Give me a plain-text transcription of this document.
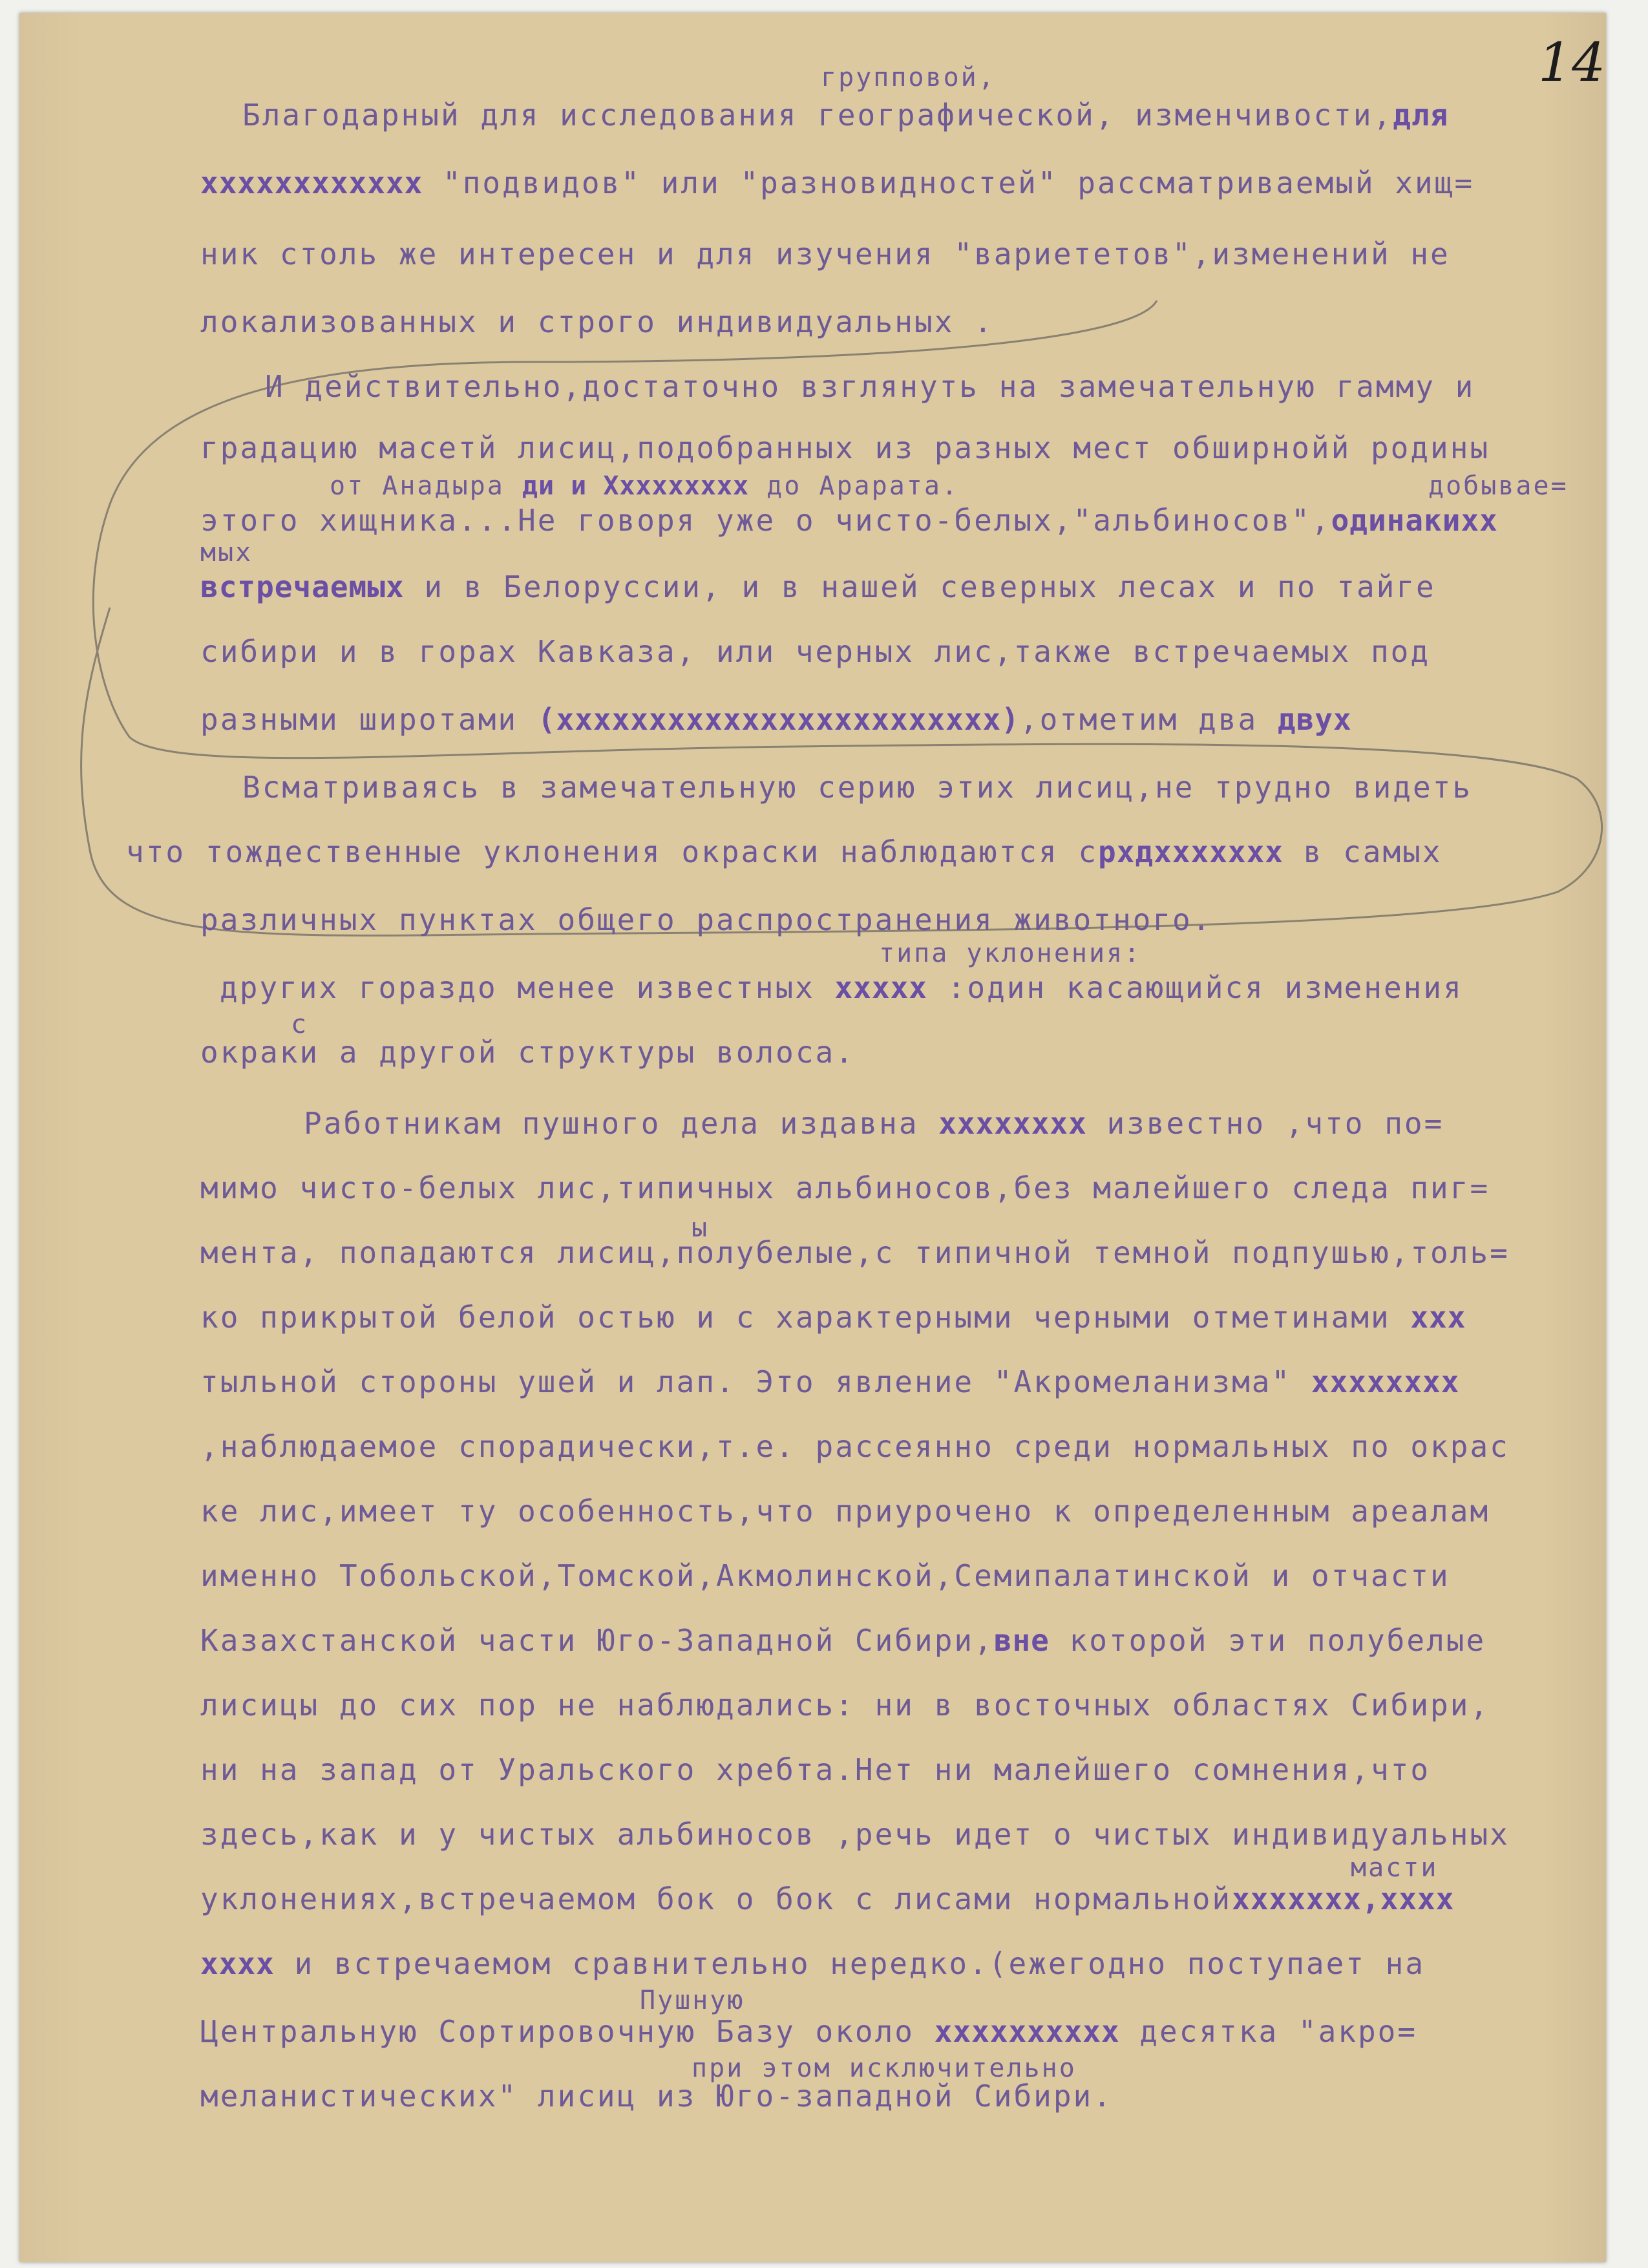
14
групповой,
Благодарный для исследования географической, изменчивости,для
xxxxxxxxxxxx "подвидов" или "разновидностей" рассматриваемый хищ=
ник столь же интересен и для изучения "вариететов",изменений не
локализованных и строго индивидуальных .
И действительно,достаточно взглянуть на замечательную гамму и
градацию масетй лисиц,подобранных из разных мест обширнойй родины
от Анадыра ди и Ххххххххх до Арарата.	добывае=
этого хищника...Не говоря уже о чисто-белых,"альбиносов",одинакихх
мых
встречаемых и в Белоруссии, и в нашей северных лесах и по тайге
сибири и в горах Кавказа, или черных лис,также встречаемых под
разными широтами (хххххххххххххххххххххххх),отметим два двух
Всматриваясь в замечательную серию этих лисиц,не трудно видеть
что тождественные уклонения окраски наблюдаются срхдххххххх в самых
различных пунктах общего распространения животного.
типа уклонения:
других гораздо менее известных ххххх :один касающийся изменения
с
окраки а другой структуры волоса.
Работникам пушного дела издавна хххххххх известно ,что по=
мимо чисто-белых лис,типичных альбиносов,без малейшего следа пиг=
ы
мента, попадаются лисиц,полубелые,с типичной темной подпушью,толь=
ко прикрытой белой остью и с характерными черными отметинами ххх
тыльной стороны ушей и лап. Это явление "Акромеланизма" хххххххх
,наблюдаемое спорадически,т.е. рассеянно среди нормальных по окрас
ке лис,имеет ту особенность,что приурочено к определенным ареалам
именно Тобольской,Томской,Акмолинской,Семипалатинской и отчасти
Казахстанской части Юго-Западной Сибири,вне которой эти полубелые
лисицы до сих пор не наблюдались: ни в восточных областях Сибири,
ни на запад от Уральского хребта.Нет ни малейшего сомнения,что
здесь,как и у чистых альбиносов ,речь идет о чистых индивидуальных
масти
уклонениях,встречаемом бок о бок с лисами нормальнойххххххх,хххх
хххх и встречаемом сравнительно нередко.(ежегодно поступает на
Пушную
Центральную Сортировочную Базу около хххххххххх десятка "акро=
при этом исключительно
меланистических" лисиц из Юго-западной Сибири.
